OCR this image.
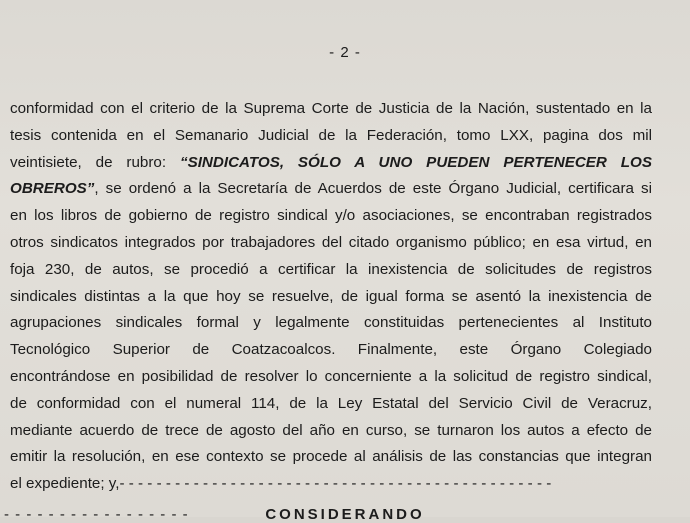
- 2 -
conformidad con el criterio de la Suprema Corte de Justicia de la Nación, sustentado en la
tesis contenida en el Semanario Judicial de la Federación, tomo LXX, pagina dos mil
veintisiete, de rubro: “SINDICATOS, SÓLO A UNO PUEDEN PERTENECER LOS
OBREROS”, se ordenó a la Secretaría de Acuerdos de este Órgano Judicial, certificara si
en los libros de gobierno de registro sindical y/o asociaciones, se encontraban registrados
otros sindicatos integrados por trabajadores del citado organismo público; en esa virtud, en
foja 230, de autos, se procedió a certificar la inexistencia de solicitudes de registros
sindicales distintas a la que hoy se resuelve, de igual forma se asentó la inexistencia de
agrupaciones sindicales formal y legalmente constituidas pertenecientes al Instituto
Tecnológico Superior de Coatzacoalcos. Finalmente, este Órgano Colegiado
encontrándose en posibilidad de resolver lo concerniente a la solicitud de registro sindical,
de conformidad con el numeral 114, de la Ley Estatal del Servicio Civil de Veracruz,
mediante acuerdo de trece de agosto del año en curso, se turnaron los autos a efecto de
emitir la resolución, en ese contexto se procede al análisis de las constancias que integran
el expediente; y,- - - - - - - - - - - - - - - - - - - - - - - - - - - - - - - - - - - - - - - - - - - - - - -
- - - - - - - - - - - - - - - - -	CONSIDERANDO
